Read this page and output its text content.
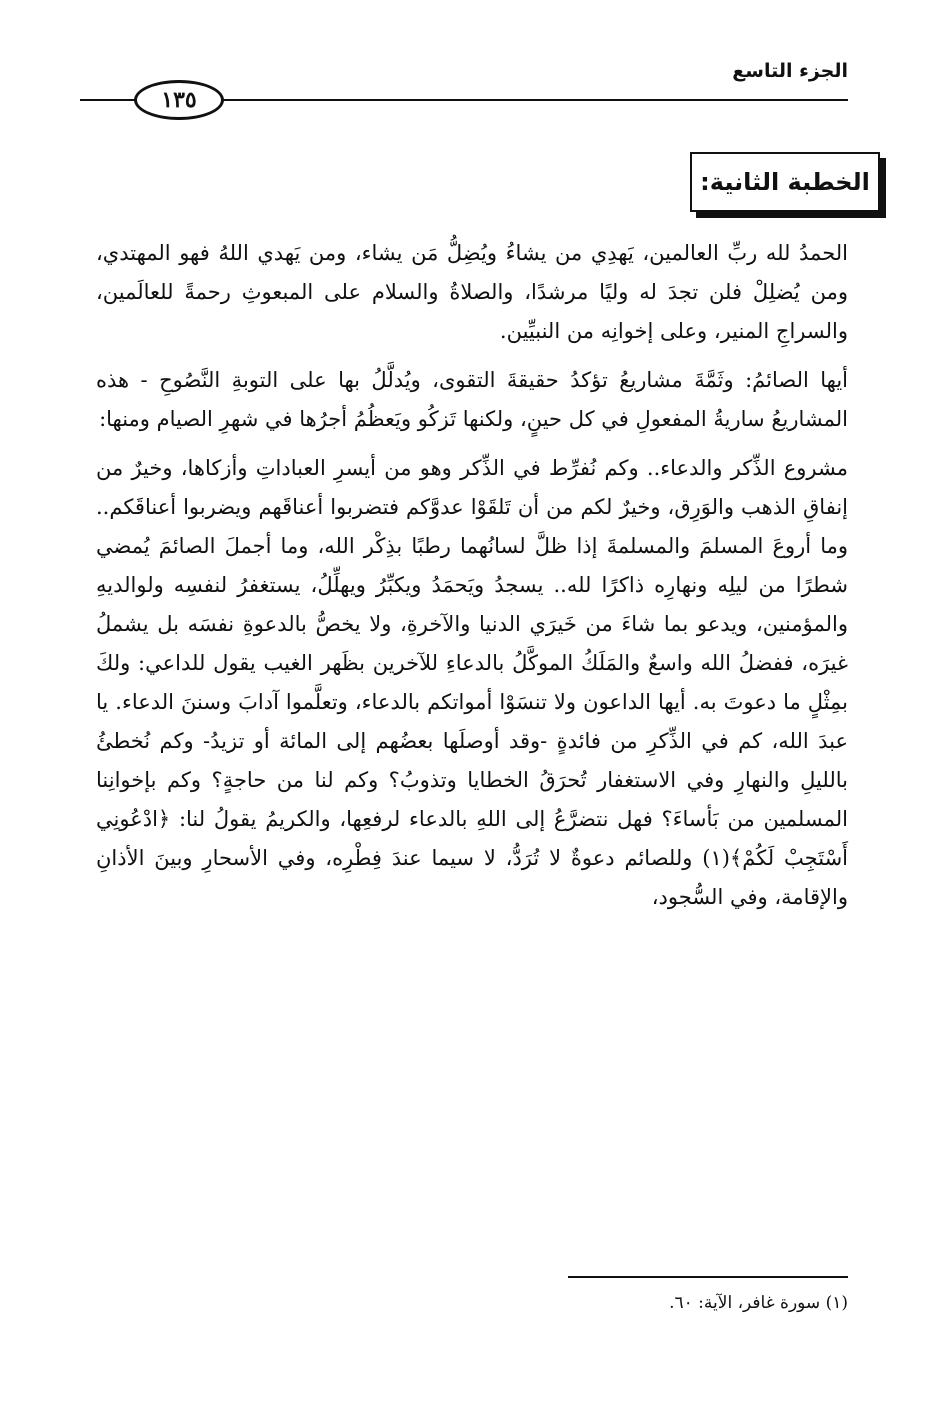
الجزء التاسع
١٣٥
الخطبة الثانية:

الحمدُ لله ربِّ العالمين، يَهدِي من يشاءُ ويُضِلُّ مَن يشاء، ومن يَهدي اللهُ فهو المهتدي، ومن يُضلِلْ فلن تجدَ له وليًا مرشدًا، والصلاةُ والسلام على المبعوثِ رحمةً للعالَمين، والسراجِ المنير، وعلى إخوانِه من النبيِّين.

أيها الصائمُ: وثَمَّةَ مشاريعُ تؤكدُ حقيقةَ التقوى، ويُدلَّلُ بها على التوبةِ النَّصُوحِ - هذه المشاريعُ ساريةُ المفعولِ في كل حينٍ، ولكنها تَزكُو ويَعظُمُ أجرُها في شهرِ الصيام ومنها:

مشروع الذِّكر والدعاء.. وكم نُفرِّط في الذِّكر وهو من أيسرِ العباداتِ وأزكاها، وخيرٌ من إنفاقِ الذهب والوَرِق، وخيرٌ لكم من أن تَلقَوْا عدوَّكم فتضربوا أعناقَهم ويضربوا أعناقَكم.. وما أروعَ المسلمَ والمسلمةَ إذا ظلَّ لسانُهما رطبًا بذِكْر الله، وما أجملَ الصائمَ يُمضي شطرًا من ليلِه ونهارِه ذاكرًا لله.. يسجدُ ويَحمَدُ ويكبِّرُ ويهلِّلُ، يستغفرُ لنفسِه ولوالديهِ والمؤمنين، ويدعو بما شاءَ من خَيرَي الدنيا والآخرةِ، ولا يخصُّ بالدعوةِ نفسَه بل يشملُ غيرَه، ففضلُ الله واسعٌ والمَلَكُ الموكَّلُ بالدعاءِ للآخرين بظَهر الغيب يقول للداعي: ولكَ بمِثْلٍ ما دعوتَ به. أيها الداعون ولا تنسَوْا أمواتكم بالدعاء، وتعلَّموا آدابَ وسننَ الدعاء. يا عبدَ الله، كم في الذِّكرِ من فائدةٍ -وقد أوصلَها بعضُهم إلى المائة أو تزيدُ- وكم نُخطئُ بالليلِ والنهارِ وفي الاستغفار تُحرَقُ الخطايا وتذوبُ؟ وكم لنا من حاجةٍ؟ وكم بإخوانِنا المسلمين من بَأساءَ؟ فهل نتضرَّعُ إلى اللهِ بالدعاء لرفعِها، والكريمُ يقولُ لنا: ﴿ادْعُونِي أَسْتَجِبْ لَكُمْ﴾(١) وللصائم دعوةٌ لا تُرَدُّ، لا سيما عندَ فِطْرِه، وفي الأسحارِ وبينَ الأذانِ والإقامة، وفي السُّجود،

(١) سورة غافر، الآية: ٦٠.
